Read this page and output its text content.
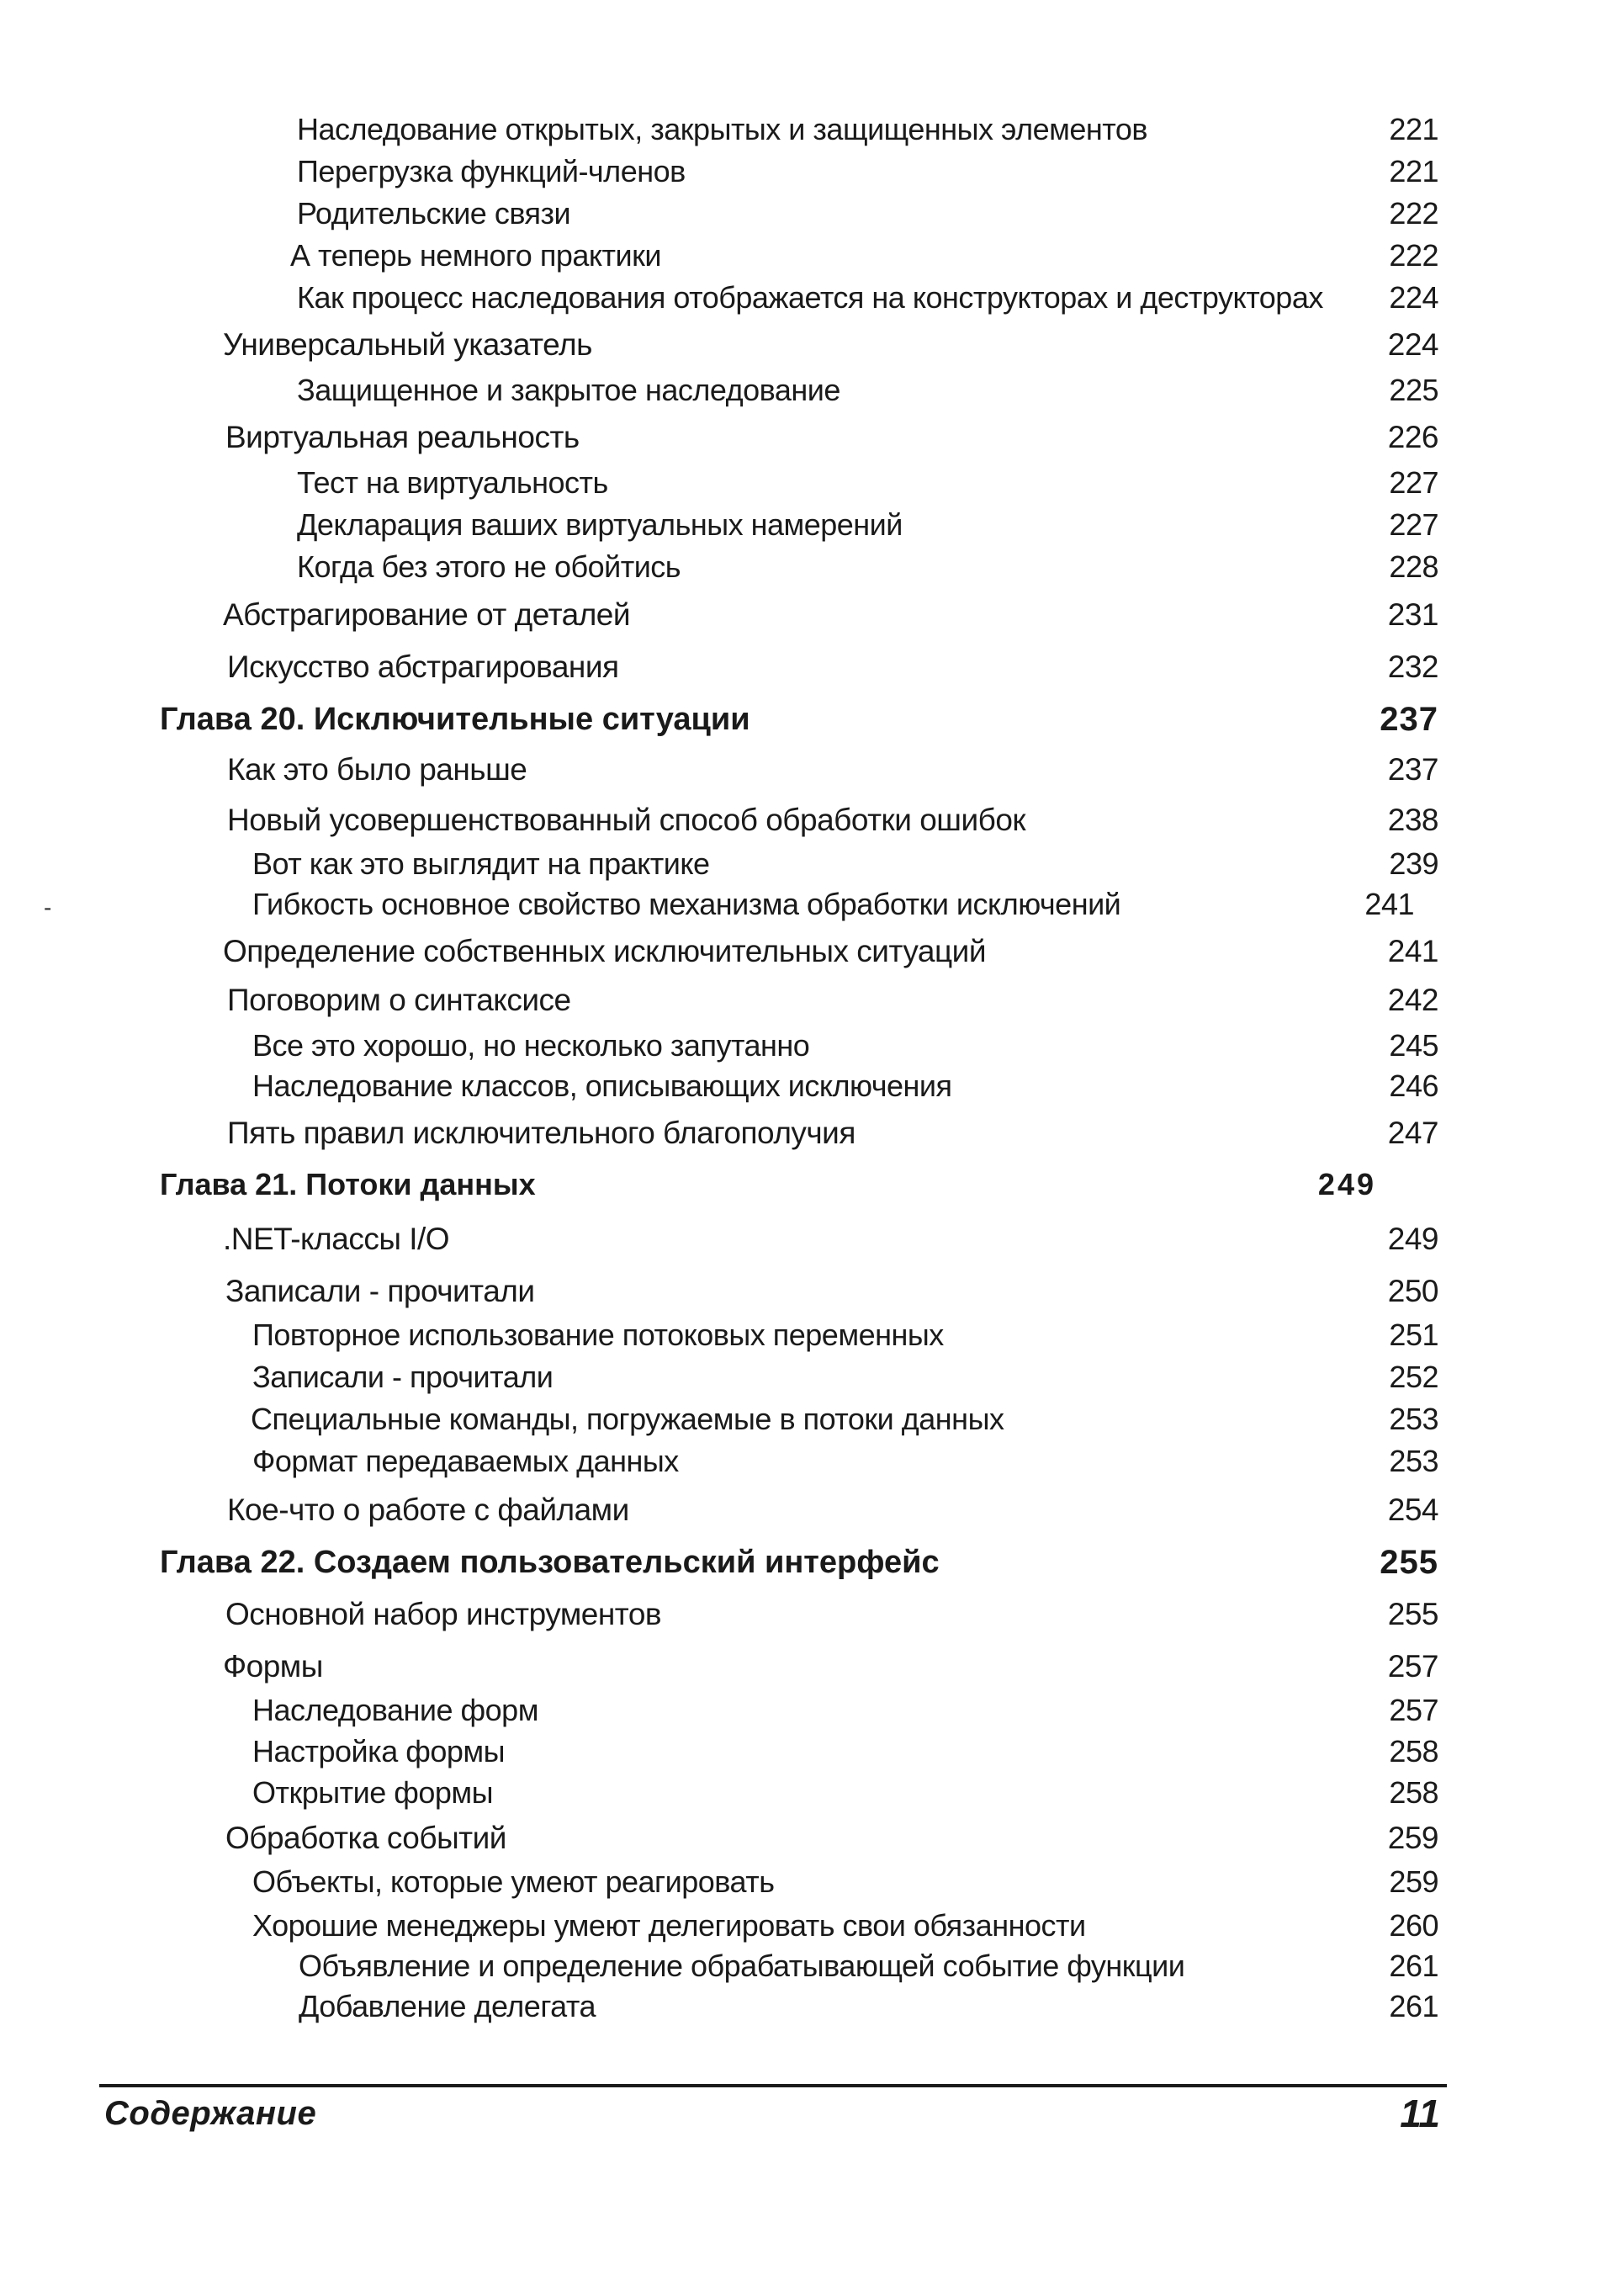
Наследование открытых, закрытых и защищенных элементов	221
Перегрузка функций-членов	221
Родительские связи	222
А теперь немного практики	222
Как процесс наследования отображается на конструкторах и деструкторах 224
Универсальный указатель	224
Защищенное и закрытое наследование	225
Виртуальная реальность	226
Тест на виртуальность	227
Декларация ваших виртуальных намерений	227
Когда без этого не обойтись	228
Абстрагирование от деталей	231
Искусство абстрагирования	232
Глава 20. Исключительные ситуации	237
Как это было раньше	237
Новый усовершенствованный способ обработки ошибок	238
Вот как это выглядит на практике	239
Гибкость основное свойство механизма обработки исключений	241
Определение собственных исключительных ситуаций	241
Поговорим о синтаксисе	242
Все это хорошо, но несколько запутанно	245
Наследование классов, описывающих исключения	246
Пять правил исключительного благополучия	247
Глава 21. Потоки данных	249
.NET-классы I/O	249
Записали - прочитали	250
Повторное использование потоковых переменных	251
Записали - прочитали	252
Специальные команды, погружаемые в потоки данных	253
Формат передаваемых данных	253
Кое-что о работе с файлами	254
Глава 22. Создаем пользовательский интерфейс	255
Основной набор инструментов	255
Формы	257
Наследование форм	257
Настройка формы	258
Открытие формы	258
Обработка событий	259
Объекты, которые умеют реагировать	259
Хорошие менеджеры умеют делегировать свои обязанности	260
Объявление и определение обрабатывающей событие функции	261
Добавление делегата	261
-
Содержание	11
